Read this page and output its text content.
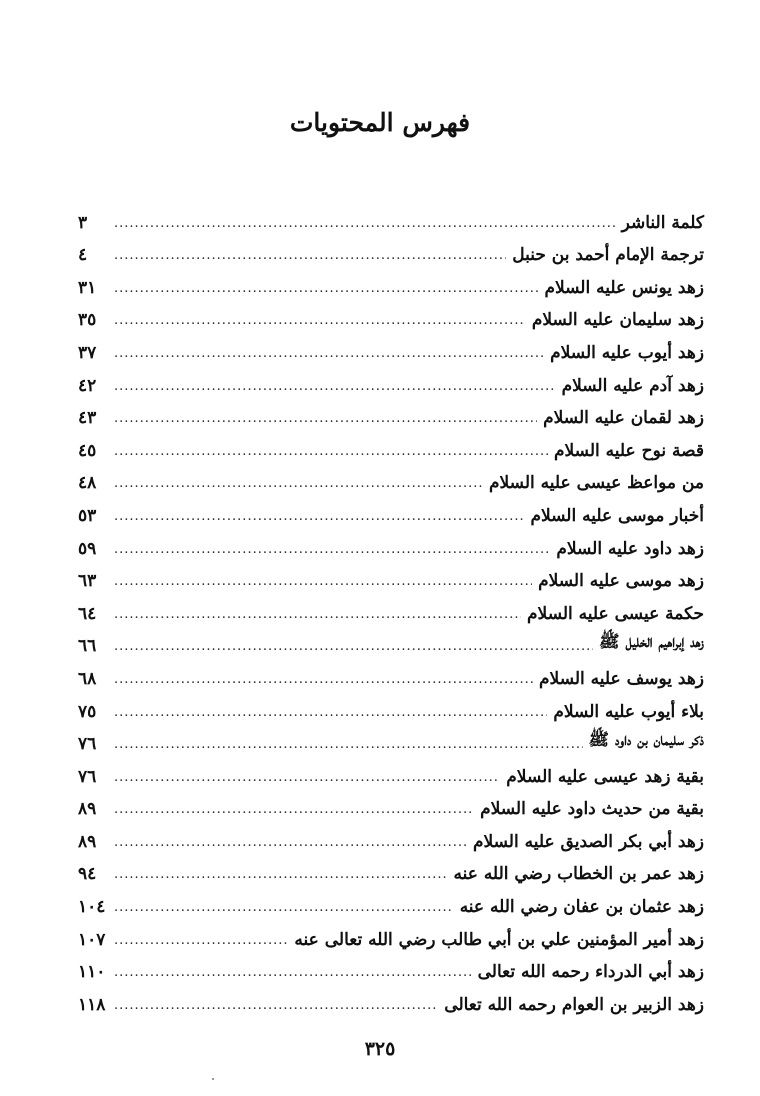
فهرس المحتويات
كلمة الناشر
.....
٣
ترجمة الإمام أحمد بن حنبل
.....
٤
زهد يونس عليه السلام
.....
٣١
زهد سليمان عليه السلام
.....
٣٥
زهد أيوب عليه السلام
.....
٣٧
زهد آدم عليه السلام
.....
٤٢
زهد لقمان عليه السلام
.....
٤٣
قصة نوح عليه السلام
.....
٤٥
من مواعظ عيسى عليه السلام
.....
٤٨
أخبار موسى عليه السلام
.....
٥٣
زهد داود عليه السلام
.....
٥٩
زهد موسى عليه السلام
.....
٦٣
حكمة عيسى عليه السلام
.....
٦٤
زهد إبراهيم الخليل ﷺ
.....
٦٦
زهد يوسف عليه السلام
.....
٦٨
بلاء أيوب عليه السلام
.....
٧٥
ذكر سليمان بن داود ﷺ
.....
٧٦
بقية زهد عيسى عليه السلام
.....
٧٦
بقية من حديث داود عليه السلام
.....
٨٩
زهد أبي بكر الصديق عليه السلام
.....
٨٩
زهد عمر بن الخطاب رضي الله عنه
.....
٩٤
زهد عثمان بن عفان رضي الله عنه
.....
١٠٤
زهد أمير المؤمنين علي بن أبي طالب رضي الله تعالى عنه
.....
١٠٧
زهد أبي الدرداء رحمه الله تعالى
.....
١١٠
زهد الزبير بن العوام رحمه الله تعالى
.....
١١٨
٣٢٥
